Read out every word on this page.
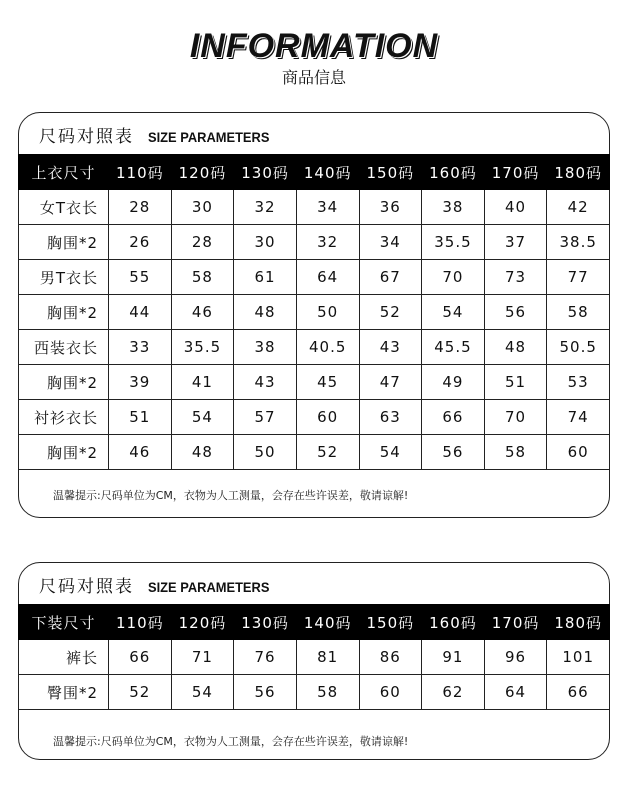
INFORMATION
商品信息
尺码对照表 SIZE PARAMETERS
上衣尺寸	110码	120码	130码	140码	150码	160码	170码	180码
女T衣长	28	30	32	34	36	38	40	42
胸围*2	26	28	30	32	34	35.5	37	38.5
男T衣长	55	58	61	64	67	70	73	77
胸围*2	44	46	48	50	52	54	56	58
西装衣长	33	35.5	38	40.5	43	45.5	48	50.5
胸围*2	39	41	43	45	47	49	51	53
衬衫衣长	51	54	57	60	63	66	70	74
胸围*2	46	48	50	52	54	56	58	60
温馨提示:尺码单位为CM，衣物为人工测量，会存在些许误差，敬请谅解!
尺码对照表 SIZE PARAMETERS
下装尺寸	110码	120码	130码	140码	150码	160码	170码	180码
裤长	66	71	76	81	86	91	96	101
臀围*2	52	54	56	58	60	62	64	66
温馨提示:尺码单位为CM，衣物为人工测量，会存在些许误差，敬请谅解!
